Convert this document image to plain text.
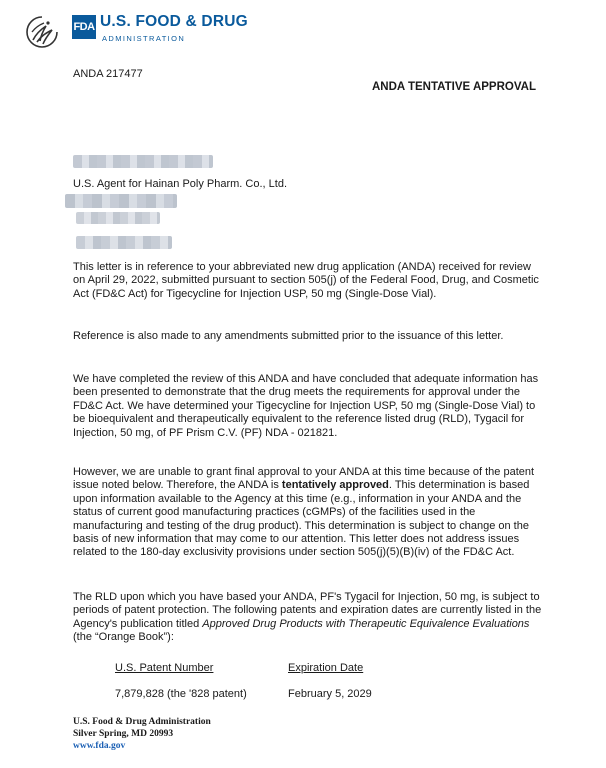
FDA U.S. FOOD & DRUG
ADMINISTRATION
ANDA 217477
ANDA TENTATIVE APPROVAL
U.S. Agent for Hainan Poly Pharm. Co., Ltd.

This letter is in reference to your abbreviated new drug application (ANDA) received for review on April 29, 2022, submitted pursuant to section 505(j) of the Federal Food, Drug, and Cosmetic Act (FD&C Act) for Tigecycline for Injection USP, 50 mg (Single-Dose Vial).

Reference is also made to any amendments submitted prior to the issuance of this letter.

We have completed the review of this ANDA and have concluded that adequate information has been presented to demonstrate that the drug meets the requirements for approval under the FD&C Act. We have determined your Tigecycline for Injection USP, 50 mg (Single-Dose Vial) to be bioequivalent and therapeutically equivalent to the reference listed drug (RLD), Tygacil for Injection, 50 mg, of PF Prism C.V. (PF) NDA - 021821.

However, we are unable to grant final approval to your ANDA at this time because of the patent issue noted below. Therefore, the ANDA is tentatively approved. This determination is based upon information available to the Agency at this time (e.g., information in your ANDA and the status of current good manufacturing practices (cGMPs) of the facilities used in the manufacturing and testing of the drug product). This determination is subject to change on the basis of new information that may come to our attention. This letter does not address issues related to the 180-day exclusivity provisions under section 505(j)(5)(B)(iv) of the FD&C Act.

The RLD upon which you have based your ANDA, PF's Tygacil for Injection, 50 mg, is subject to periods of patent protection. The following patents and expiration dates are currently listed in the Agency's publication titled Approved Drug Products with Therapeutic Equivalence Evaluations (the “Orange Book”):

U.S. Patent Number	Expiration Date
7,879,828 (the '828 patent)	February 5, 2029
U.S. Food & Drug Administration
Silver Spring, MD 20993
www.fda.gov
